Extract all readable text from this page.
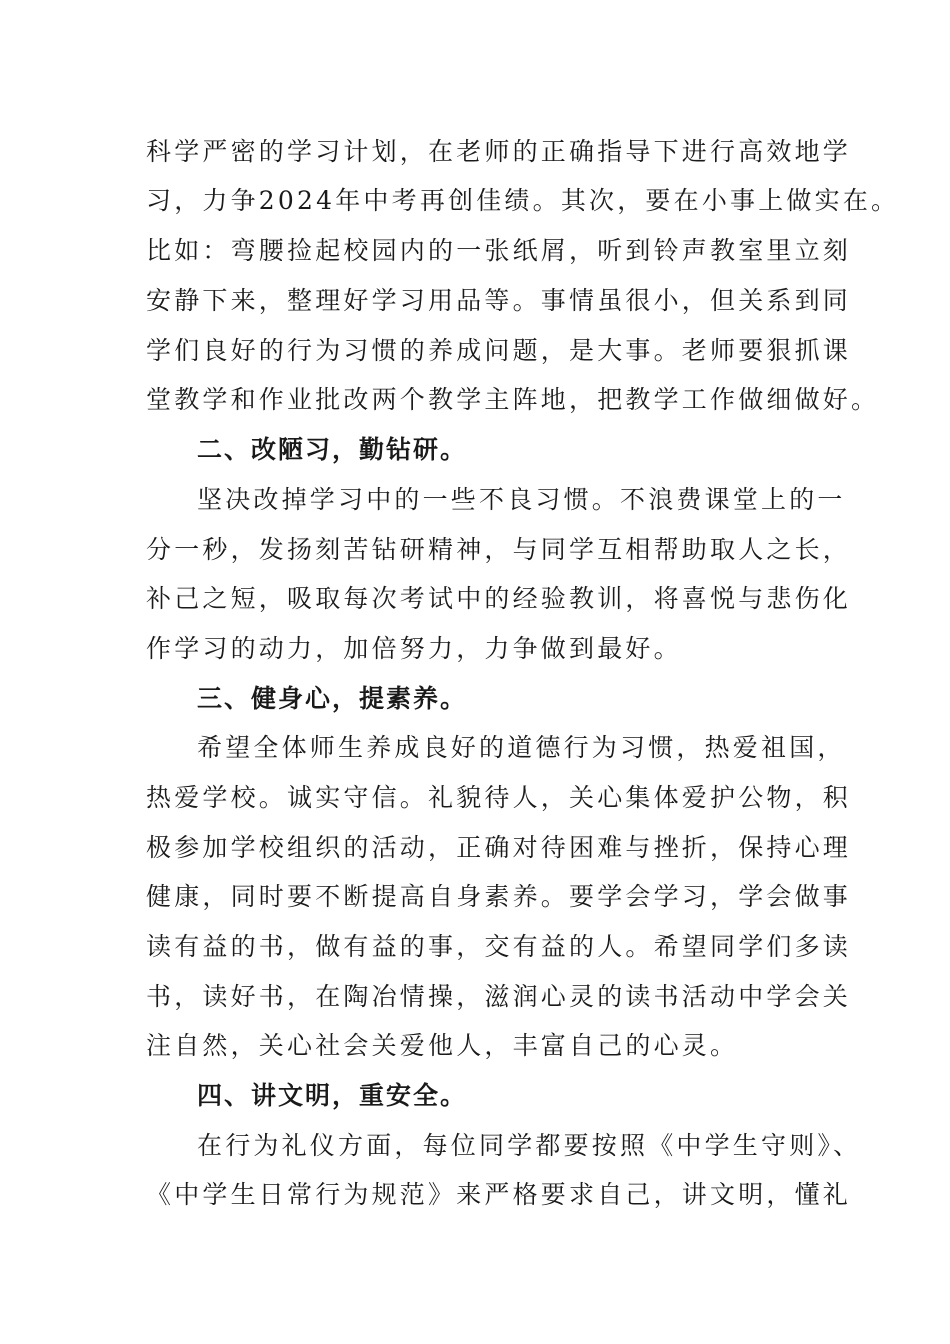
科学严密的学习计划，在老师的正确指导下进行高效地学
习，力争2024年中考再创佳绩。其次，要在小事上做实在。
比如：弯腰捡起校园内的一张纸屑，听到铃声教室里立刻
安静下来，整理好学习用品等。事情虽很小，但关系到同
学们良好的行为习惯的养成问题，是大事。老师要狠抓课
堂教学和作业批改两个教学主阵地，把教学工作做细做好。
二、改陋习，勤钻研。
坚决改掉学习中的一些不良习惯。不浪费课堂上的一
分一秒，发扬刻苦钻研精神，与同学互相帮助取人之长，
补己之短，吸取每次考试中的经验教训，将喜悦与悲伤化
作学习的动力，加倍努力，力争做到最好。
三、健身心，提素养。
希望全体师生养成良好的道德行为习惯，热爱祖国，
热爱学校。诚实守信。礼貌待人，关心集体爱护公物，积
极参加学校组织的活动，正确对待困难与挫折，保持心理
健康，同时要不断提高自身素养。要学会学习，学会做事
读有益的书，做有益的事，交有益的人。希望同学们多读
书，读好书，在陶冶情操，滋润心灵的读书活动中学会关
注自然，关心社会关爱他人，丰富自己的心灵。
四、讲文明，重安全。
在行为礼仪方面，每位同学都要按照《中学生守则》、
《中学生日常行为规范》来严格要求自己，讲文明，懂礼
